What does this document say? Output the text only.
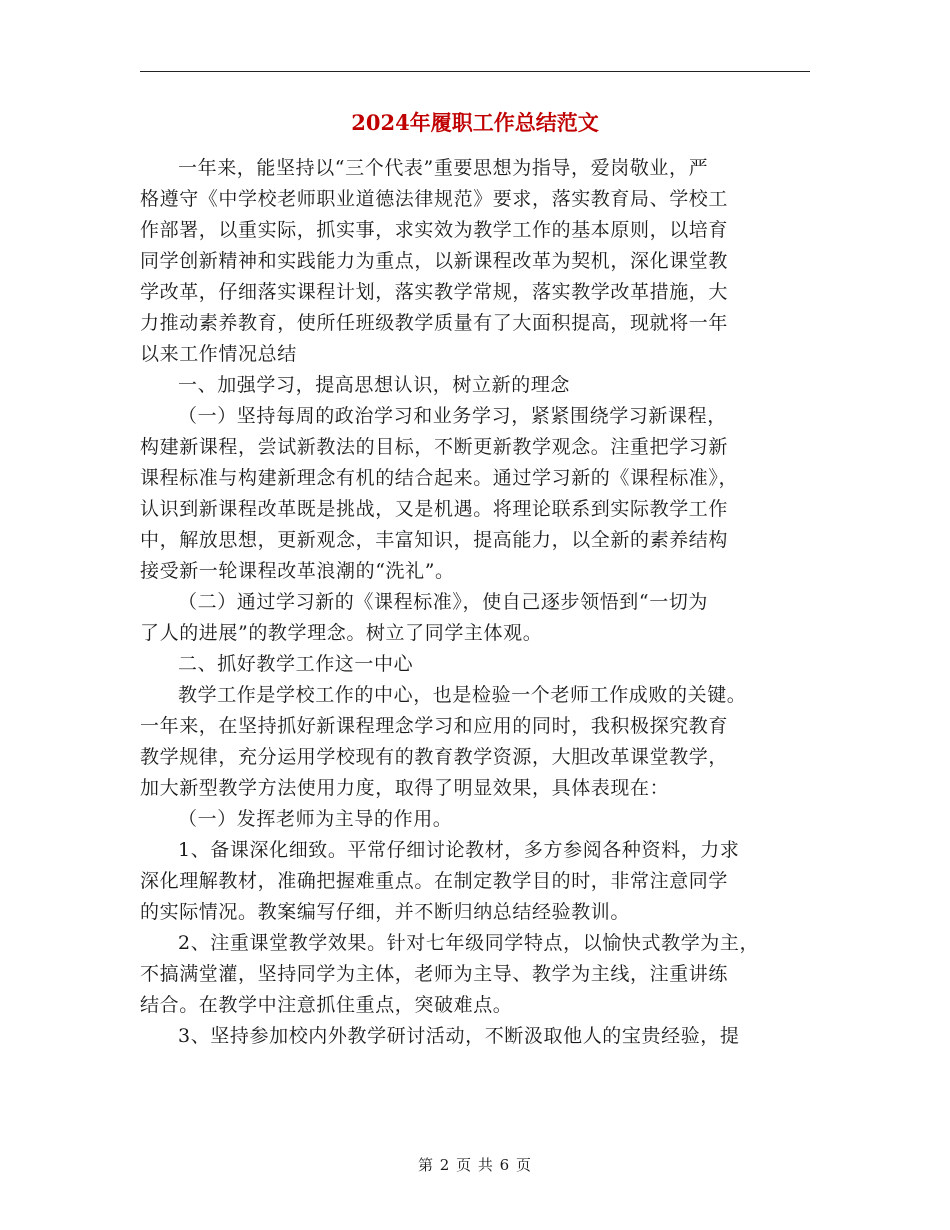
2024年履职工作总结范文

一年来，能坚持以“三个代表”重要思想为指导，爱岗敬业，严
格遵守《中学校老师职业道德法律规范》要求，落实教育局、学校工
作部署，以重实际，抓实事，求实效为教学工作的基本原则，以培育
同学创新精神和实践能力为重点，以新课程改革为契机，深化课堂教
学改革，仔细落实课程计划，落实教学常规，落实教学改革措施，大
力推动素养教育，使所任班级教学质量有了大面积提高，现就将一年
以来工作情况总结

一、加强学习，提高思想认识，树立新的理念

（一）坚持每周的政治学习和业务学习，紧紧围绕学习新课程，
构建新课程，尝试新教法的目标，不断更新教学观念。注重把学习新
课程标准与构建新理念有机的结合起来。通过学习新的《课程标准》，
认识到新课程改革既是挑战，又是机遇。将理论联系到实际教学工作
中，解放思想，更新观念，丰富知识，提高能力，以全新的素养结构
接受新一轮课程改革浪潮的“洗礼”。

（二）通过学习新的《课程标准》，使自己逐步领悟到“一切为
了人的进展”的教学理念。树立了同学主体观。

二、抓好教学工作这一中心

教学工作是学校工作的中心，也是检验一个老师工作成败的关键。
一年来，在坚持抓好新课程理念学习和应用的同时，我积极探究教育
教学规律，充分运用学校现有的教育教学资源，大胆改革课堂教学，
加大新型教学方法使用力度，取得了明显效果，具体表现在：

（一）发挥老师为主导的作用。

1、备课深化细致。平常仔细讨论教材，多方参阅各种资料，力求
深化理解教材，准确把握难重点。在制定教学目的时，非常注意同学
的实际情况。教案编写仔细，并不断归纳总结经验教训。

2、注重课堂教学效果。针对七年级同学特点，以愉快式教学为主，
不搞满堂灌，坚持同学为主体，老师为主导、教学为主线，注重讲练
结合。在教学中注意抓住重点，突破难点。

3、坚持参加校内外教学研讨活动，不断汲取他人的宝贵经验，提

第 2 页 共 6 页
